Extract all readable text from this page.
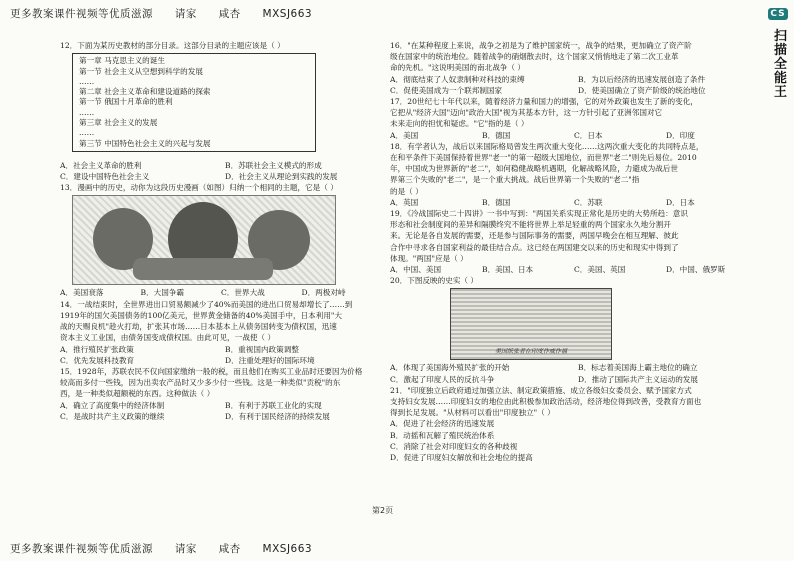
更多教案课件视频等优质滋源 请家 咸杏 MXSJ663	CS 扫描全能王

12．下面为某历史教材的部分目录。这部分目录的主题应该是（ ）

第一章 马克思主义的诞生

第一节 社会主义从空想到科学的发展

……

第二章 社会主义革命和建设道路的探索

第一节 俄国十月革命的胜利

……

第三章 社会主义的发展

……

第三节 中国特色社会主义的兴起与发展

A．社会主义革命的胜利	B．苏联社会主义模式的形成

C．建设中国特色社会主义	D．社会主义从理论到实践的发展

13．漫画中的历史，动你为这段历史漫画（如图）归纳一个相同的主题，它是（ ）

A．美国衰落	B．大国争霸	C．世界大战	D．两极对峙

14．一战结束时，全世界进出口贸易额减少了40%而美国的进出口贸易却增长了……到

1919年的国欠美国债务的100亿美元，世界黄金储备的40%美国手中，日本利用"大

战的天赐良机"趁火打劫，扩张其市场……日本基本上从债务国转变为债权国，迅速

资本主义工业国，由债务国变成债权国。由此可见，一战使（ ）

A．推行殖民扩张政策	B．重视国内政策调整

C．优先发展科技教育	D．注重处理好的国际环境

15．1928年，苏联农民不仅向国家缴纳一般的税，而且他们在购买工业品时还要因为价格

较高而多付一些钱，因为出卖农产品时又少多少付一些钱。这是一种类似"贡税"的东

西，是一种类似超额税的东西。这种做法（ ）

A．确立了高度集中的经济体制	B．有利于苏联工业化的实现

C．是战时共产主义政策的继续	D．有利于国民经济的持续发展

第2页

16．"在某种程度上来说，战争之初是为了维护国家统一，战争的结果，更加确立了资产阶

级在国家中的统治地位。随着战争的硝烟散去时，这个国家又悄悄地走了第二次工业革

命的先机。"这说明美国的南北战争（ ）

A．彻底结束了人奴隶制种对科技的束缚	B．为以后经济的迅速发展创造了条件

C．促使美国成为一个联邦制国家	D．使美国确立了资产阶级的统治地位

17．20世纪七十年代以来，随着经济力量和国力的增强，它的对外政策也发生了新的变化，

它把从"经济大国"迈向"政治大国"视为其基本方针，这一方针引起了亚洲邻国对它

未来走向的担忧和疑虑。"它"指的是（ ）

A．美国	B．德国	C．日本	D．印度

18．有学者认为，战后以来国际格局曾发生两次重大变化……这两次重大变化的共同特点是，

在和平条件下美国保持着世界"老一"的第一超级大国地位，而世界"老二"则先后易位。2010

年，中国成为世界新的"老二"，如何稳健战略机遇期，化解战略风险，力避成为战后世

界第三个失败的"老二"，是一个重大挑战。战后世界第一个失败的"老二"指

的是（ ）

A．英国	B．德国	C．苏联	D．日本

19．《冷战国际史二十四讲》一书中写到："两国关系实现正常化是历史的大势所趋：意识

形态和社会制度间的差异和隔膜终究不能将世界上举足轻重的两个国家永久地分割开

来。无论是各自发展的需要，还是参与国际事务的需要，两国早晚会在相互理解、彼此

合作中寻求各自国家利益的最佳结合点。这已经在两国建交以来的历史和现实中得到了

体现。"两国"应是（ ）

A．中国、美国	B．美国、日本	C．美国、英国	D．中国、俄罗斯

20．下图反映的史实（ ）

美国纸张者在印度作威作福

A．体现了美国海外殖民扩张的开始	B．标志着美国海上霸主地位的确立

C．激起了印度人民的反抗斗争	D．推动了国际共产主义运动的发展

21．"印度独立后政府通过加强立法、制定政策措施、成立各级妇女委员会、赋予国家方式

支持妇女发展……印度妇女的地位由此积极参加政治活动，经济地位得到改善，受教育方面也

得到长足发展。"从材料可以看出"印度独立"（ ）

A．促进了社会经济的迅速发展

B．动摇和瓦解了殖民统治体系

C．消除了社会对印度妇女的各种歧视

D．促进了印度妇女解放和社会地位的提高

更多教案课件视频等优质滋源 请家 咸杏 MXSJ663
